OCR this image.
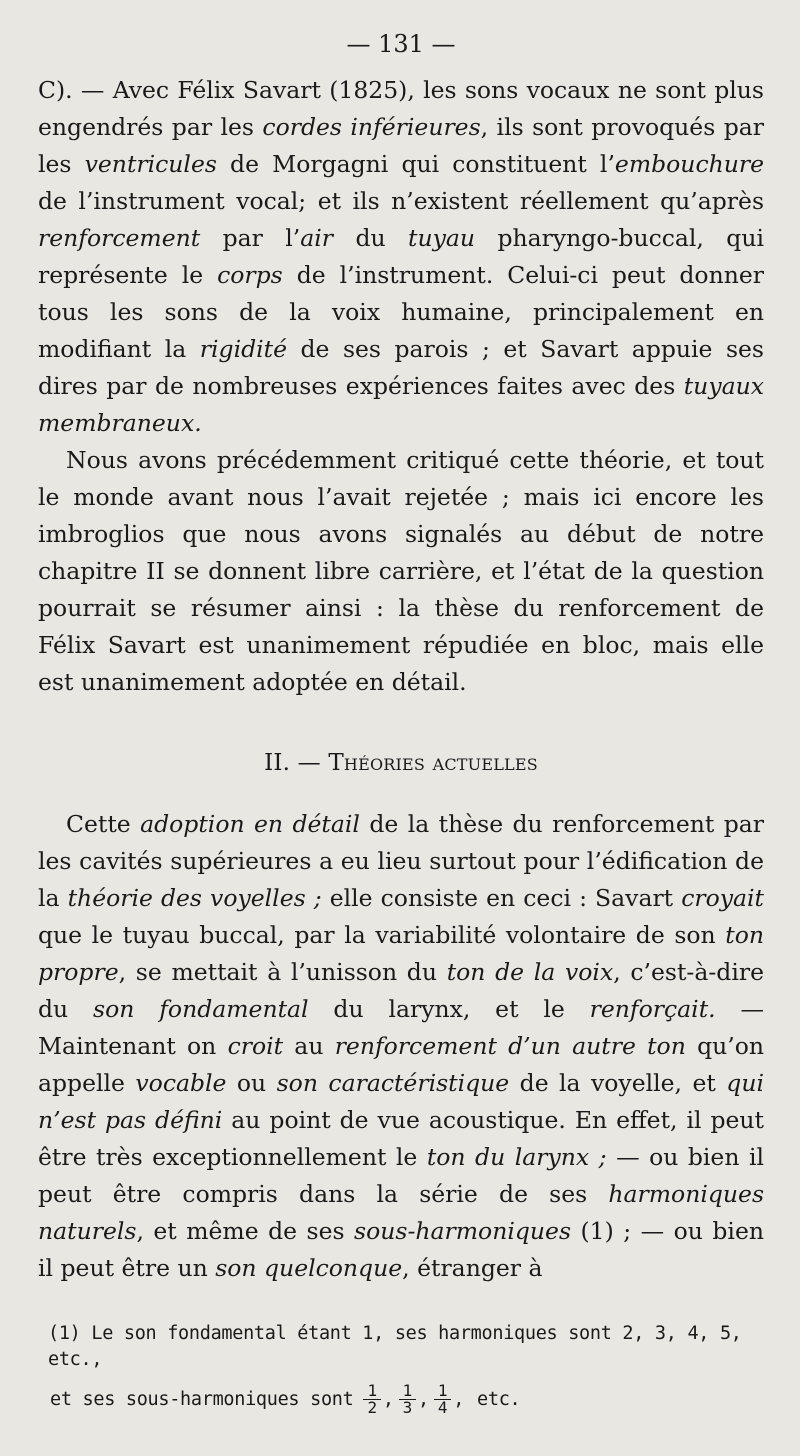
— 131 —

C). — Avec Félix Savart (1825), les sons vocaux ne sont plus engendrés par les cordes inférieures, ils sont provoqués par les ventricules de Morgagni qui constituent l’embouchure de l’instrument vocal; et ils n’existent réellement qu’après renforcement par l’air du tuyau pharyngo-buccal, qui représente le corps de l’instrument. Celui-ci peut donner tous les sons de la voix humaine, principalement en modifiant la rigidité de ses parois ; et Savart appuie ses dires par de nombreuses expériences faites avec des tuyaux membraneux.

Nous avons précédemment critiqué cette théorie, et tout le monde avant nous l’avait rejetée ; mais ici encore les imbroglios que nous avons signalés au début de notre chapitre II se donnent libre carrière, et l’état de la question pourrait se résumer ainsi : la thèse du renforcement de Félix Savart est unanimement répudiée en bloc, mais elle est unanimement adoptée en détail.

II. — Théories actuelles

Cette adoption en détail de la thèse du renforcement par les cavités supérieures a eu lieu surtout pour l’édification de la théorie des voyelles ; elle consiste en ceci : Savart croyait que le tuyau buccal, par la variabilité volontaire de son ton propre, se mettait à l’unisson du ton de la voix, c’est-à-dire du son fondamental du larynx, et le renforçait. — Maintenant on croit au renforcement d’un autre ton qu’on appelle vocable ou son caractéristique de la voyelle, et qui n’est pas défini au point de vue acoustique. En effet, il peut être très exceptionnellement le ton du larynx ; — ou bien il peut être compris dans la série de ses harmoniques naturels, et même de ses sous-harmoniques (1) ; — ou bien il peut être un son quelconque, étranger à

(1) Le son fondamental étant 1, ses harmoniques sont 2, 3, 4, 5, etc.,

et ses sous-harmoniques sont $\frac{1}{2}$ , $\frac{1}{3}$ , $\frac{1}{4}$ , etc.
